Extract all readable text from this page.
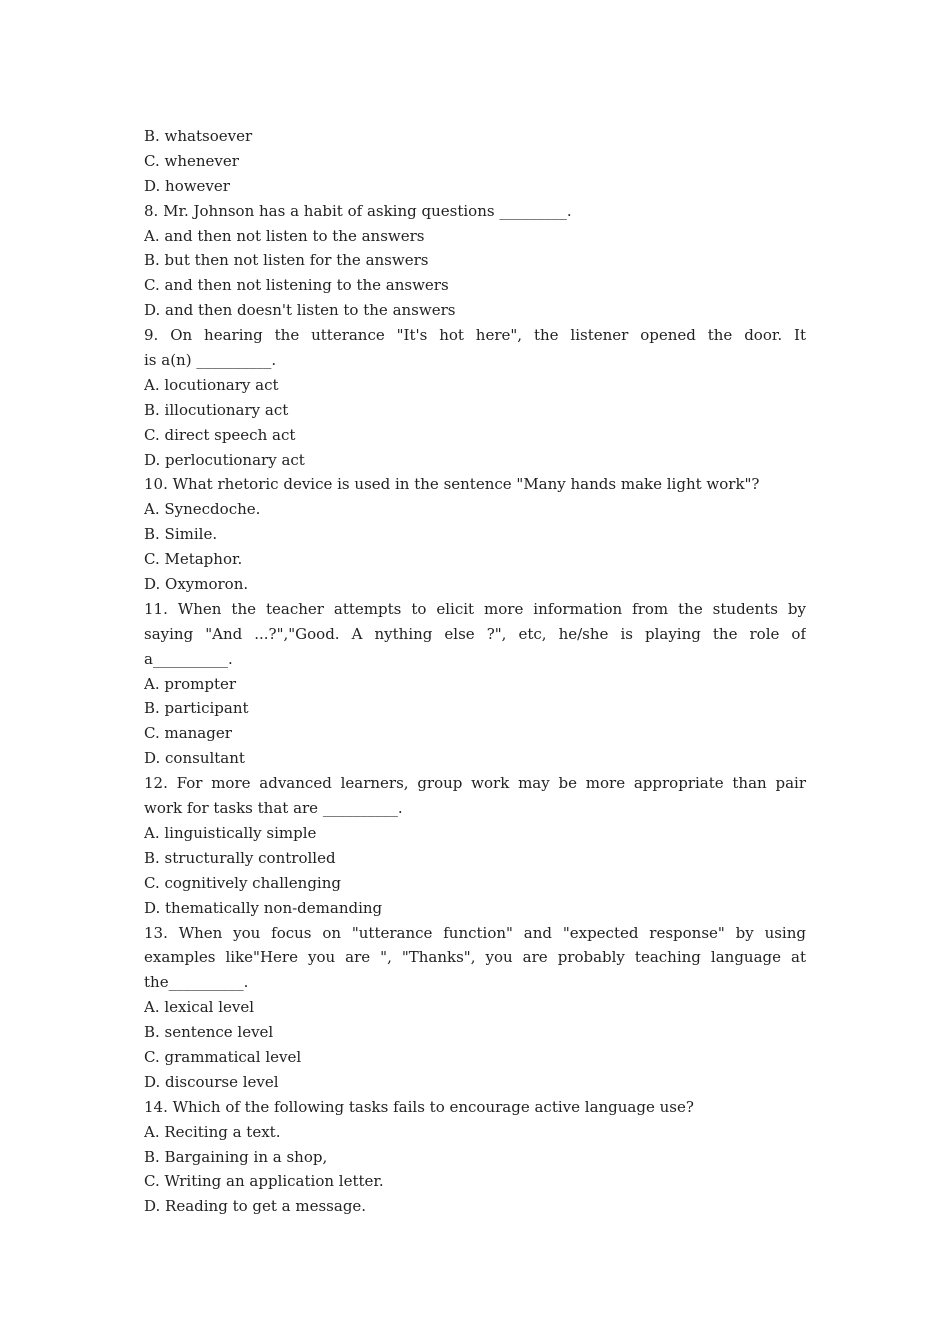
B. whatsoever
C. whenever
D. however
8. Mr. Johnson has a habit of asking questions _________.
A. and then not listen to the answers
B. but then not listen for the answers
C. and then not listening to the answers
D. and then doesn't listen to the answers
9. On hearing the utterance "It's hot here", the listener opened the door. It
is a(n) __________.
A. locutionary act
B. illocutionary act
C. direct speech act
D. perlocutionary act
10. What rhetoric device is used in the sentence "Many hands make light work"?
A. Synecdoche.
B. Simile.
C. Metaphor.
D. Oxymoron.
11. When the teacher attempts to elicit more information from the students by
saying "And ...?","Good. A nything else ?", etc, he/she is playing the role of
a__________.
A. prompter
B. participant
C. manager
D. consultant
12. For more advanced learners, group work may be more appropriate than pair
work for tasks that are __________.
A. linguistically simple
B. structurally controlled
C. cognitively challenging
D. thematically non-demanding
13. When you focus on "utterance function" and "expected response" by using
examples like"Here you are ", "Thanks", you are probably teaching language at
the__________.
A. lexical level
B. sentence level
C. grammatical level
D. discourse level
14. Which of the following tasks fails to encourage active language use?
A. Reciting a text.
B. Bargaining in a shop,
C. Writing an application letter.
D. Reading to get a message.
